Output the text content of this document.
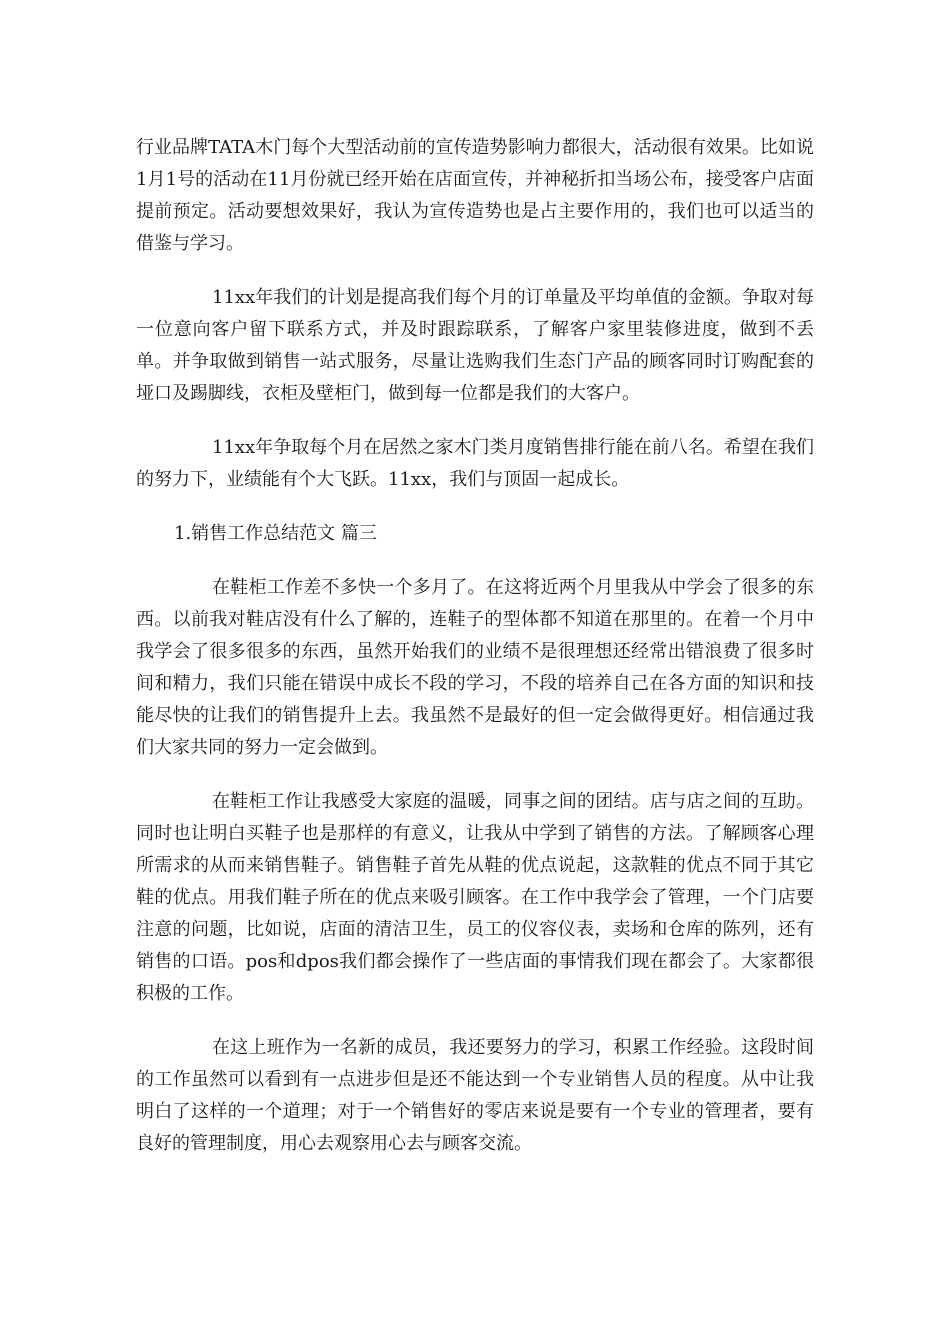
行业品牌TATA木门每个大型活动前的宣传造势影响力都很大，活动很有效果。比如说1月1号的活动在11月份就已经开始在店面宣传，并神秘折扣当场公布，接受客户店面提前预定。活动要想效果好，我认为宣传造势也是占主要作用的，我们也可以适当的借鉴与学习。

11xx年我们的计划是提高我们每个月的订单量及平均单值的金额。争取对每一位意向客户留下联系方式，并及时跟踪联系，了解客户家里装修进度，做到不丢单。并争取做到销售一站式服务，尽量让选购我们生态门产品的顾客同时订购配套的垭口及踢脚线，衣柜及壁柜门，做到每一位都是我们的大客户。

11xx年争取每个月在居然之家木门类月度销售排行能在前八名。希望在我们的努力下，业绩能有个大飞跃。11xx，我们与顶固一起成长。

1.销售工作总结范文 篇三

在鞋柜工作差不多快一个多月了。在这将近两个月里我从中学会了很多的东西。以前我对鞋店没有什么了解的，连鞋子的型体都不知道在那里的。在着一个月中我学会了很多很多的东西，虽然开始我们的业绩不是很理想还经常出错浪费了很多时间和精力，我们只能在错误中成长不段的学习，不段的培养自己在各方面的知识和技能尽快的让我们的销售提升上去。我虽然不是最好的但一定会做得更好。相信通过我们大家共同的努力一定会做到。

在鞋柜工作让我感受大家庭的温暖，同事之间的团结。店与店之间的互助。同时也让明白买鞋子也是那样的有意义，让我从中学到了销售的方法。了解顾客心理所需求的从而来销售鞋子。销售鞋子首先从鞋的优点说起，这款鞋的优点不同于其它鞋的优点。用我们鞋子所在的优点来吸引顾客。在工作中我学会了管理，一个门店要注意的问题，比如说，店面的清洁卫生，员工的仪容仪表，卖场和仓库的陈列，还有销售的口语。pos和dpos我们都会操作了一些店面的事情我们现在都会了。大家都很积极的工作。

在这上班作为一名新的成员，我还要努力的学习，积累工作经验。这段时间的工作虽然可以看到有一点进步但是还不能达到一个专业销售人员的程度。从中让我明白了这样的一个道理；对于一个销售好的零店来说是要有一个专业的管理者，要有良好的管理制度，用心去观察用心去与顾客交流。
